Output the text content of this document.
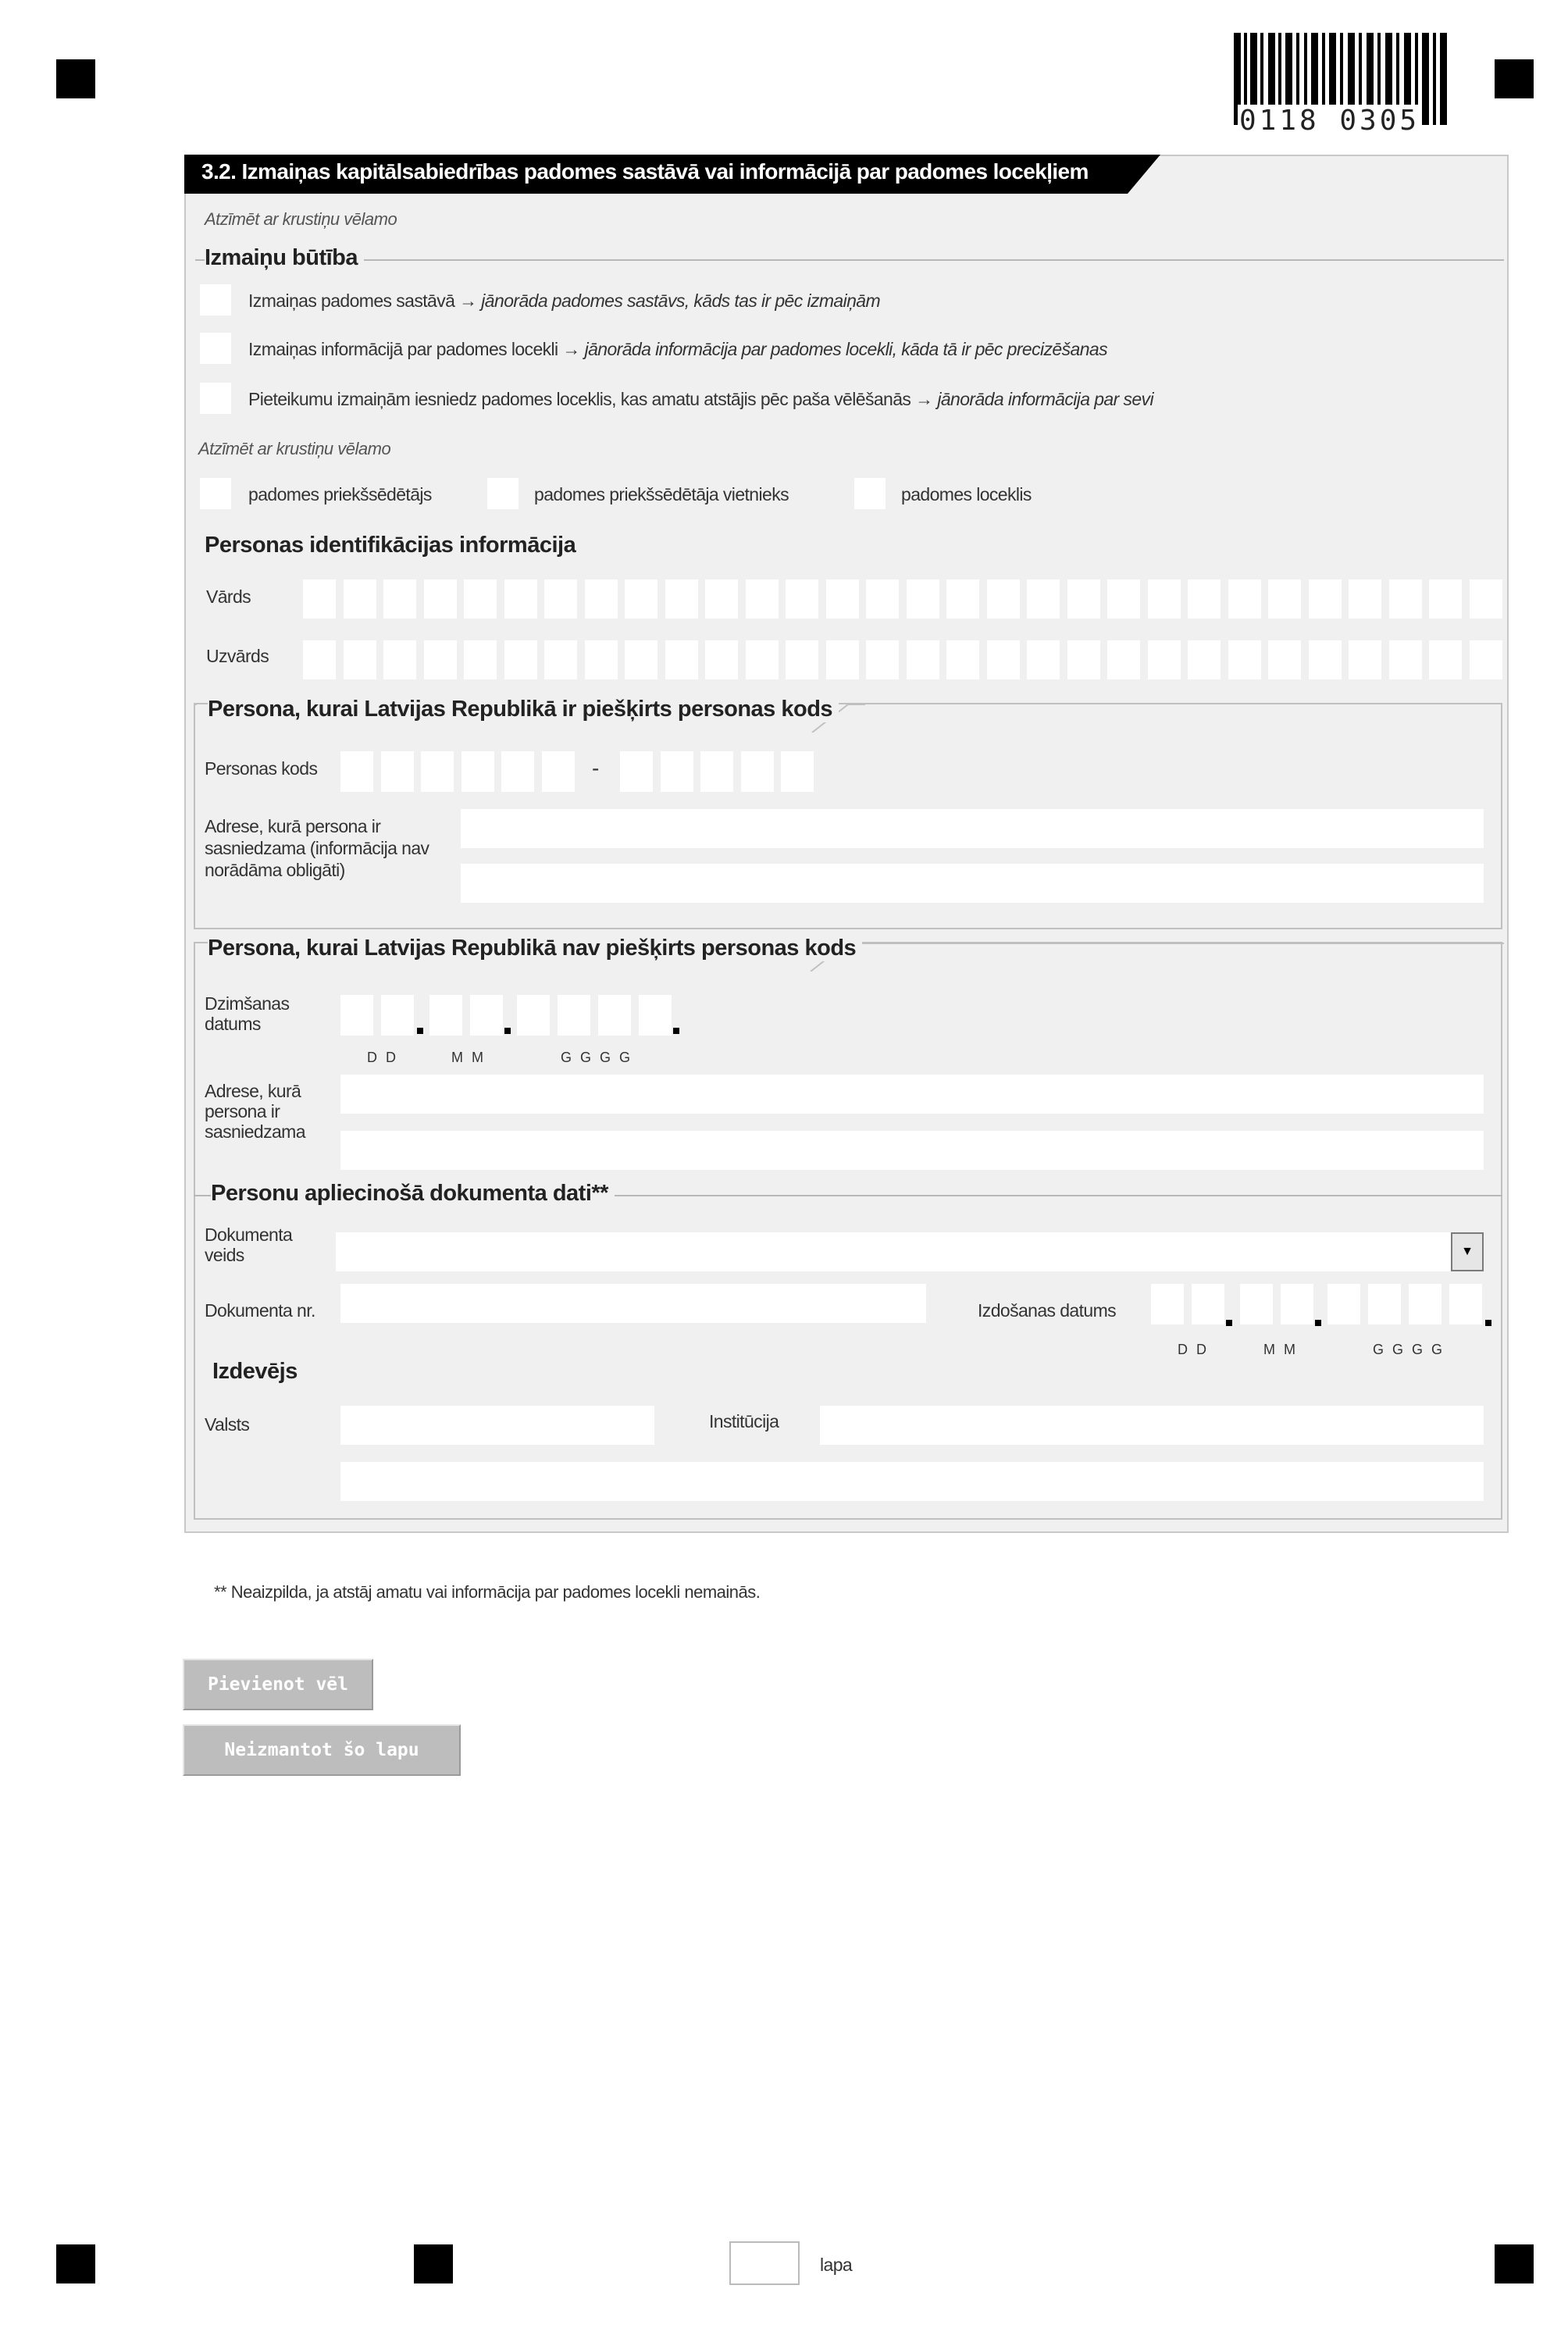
0118 0305
3.2. Izmaiņas kapitālsabiedrības padomes sastāvā vai informācijā par padomes locekļiem
Atzīmēt ar krustiņu vēlamo
Izmaiņu būtība
Izmaiņas padomes sastāvā → jānorāda padomes sastāvs, kāds tas ir pēc izmaiņām
Izmaiņas informācijā par padomes locekli → jānorāda informācija par padomes locekli, kāda tā ir pēc precizēšanas
Pieteikumu izmaiņām iesniedz padomes loceklis, kas amatu atstājis pēc paša vēlēšanās → jānorāda informācija par sevi
Atzīmēt ar krustiņu vēlamo
padomes priekšsēdētājs	padomes priekšsēdētāja vietnieks	padomes loceklis
Personas identifikācijas informācija
Vārds
Uzvārds
Persona, kurai Latvijas Republikā ir piešķirts personas kods
Personas kods	-
Adrese, kurā persona ir sasniedzama (informācija nav norādāma obligāti)
Persona, kurai Latvijas Republikā nav piešķirts personas kods
Dzimšanas datums
D D	M M	G G G G
Adrese, kurā persona ir sasniedzama
Personu apliecinošā dokumenta dati**
Dokumenta veids	▼
Dokumenta nr.	Izdošanas datums
D D	M M	G G G G
Izdevējs
Valsts	Institūcija
** Neaizpilda, ja atstāj amatu vai informācija par padomes locekli nemainās.
Pievienot vēl
Neizmantot šo lapu
lapa
